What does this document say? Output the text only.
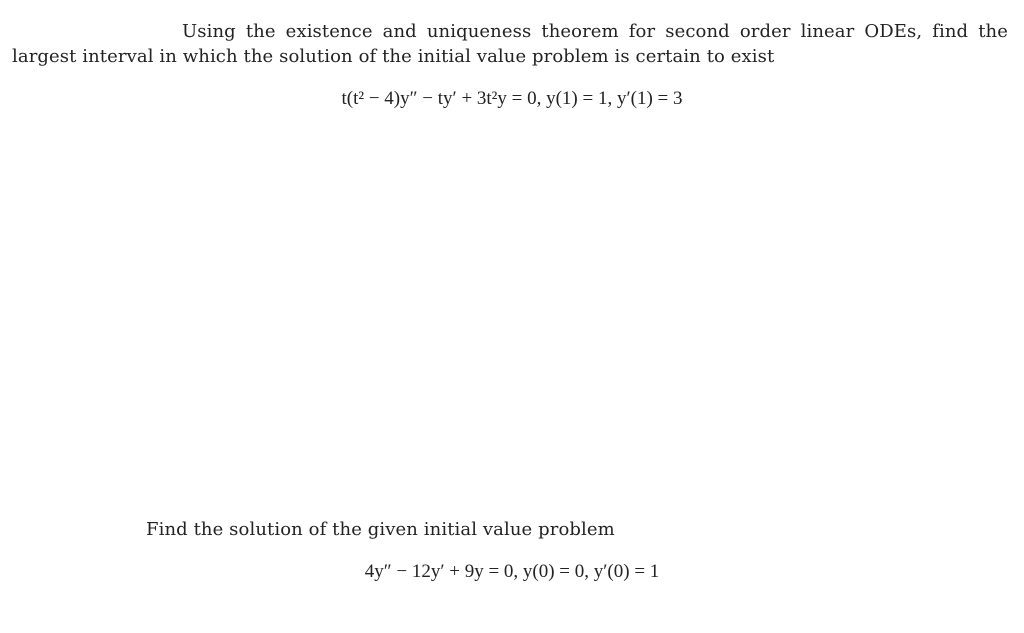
Using the existence and uniqueness theorem for second order linear ODEs, find the largest interval in which the solution of the initial value problem is certain to exist
t(t² − 4)y″ − ty′ + 3t²y = 0, y(1) = 1, y′(1) = 3
Find the solution of the given initial value problem
4y″ − 12y′ + 9y = 0, y(0) = 0, y′(0) = 1
